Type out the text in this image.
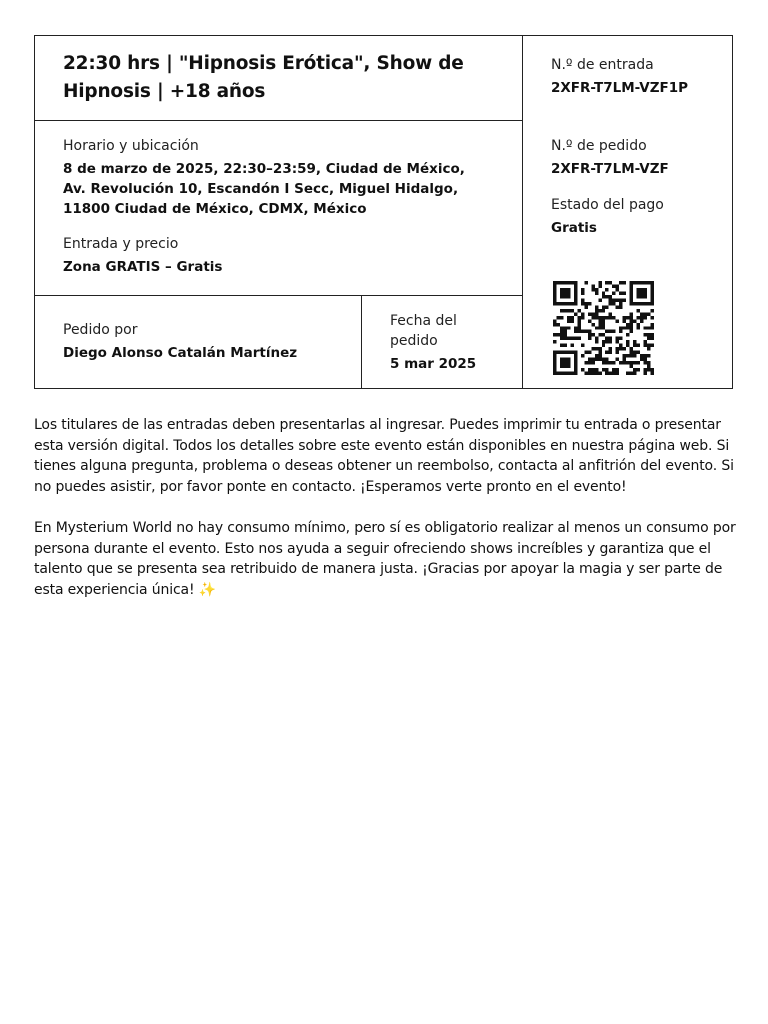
22:30 hrs | "Hipnosis Erótica", Show de Hipnosis | +18 años
N.º de entrada
2XFR-T7LM-VZF1P
Horario y ubicación
8 de marzo de 2025, 22:30–23:59, Ciudad de México, Av. Revolución 10, Escandón I Secc, Miguel Hidalgo, 11800 Ciudad de México, CDMX, México
Entrada y precio
Zona GRATIS – Gratis
N.º de pedido
2XFR-T7LM-VZF
Estado del pago
Gratis
Pedido por
Diego Alonso Catalán Martínez
Fecha del pedido
5 mar 2025
Los titulares de las entradas deben presentarlas al ingresar. Puedes imprimir tu entrada o presentar esta versión digital. Todos los detalles sobre este evento están disponibles en nuestra página web. Si tienes alguna pregunta, problema o deseas obtener un reembolso, contacta al anfitrión del evento. Si no puedes asistir, por favor ponte en contacto. ¡Esperamos verte pronto en el evento!
En Mysterium World no hay consumo mínimo, pero sí es obligatorio realizar al menos un consumo por persona durante el evento. Esto nos ayuda a seguir ofreciendo shows increíbles y garantiza que el talento que se presenta sea retribuido de manera justa. ¡Gracias por apoyar la magia y ser parte de esta experiencia única! ✨
